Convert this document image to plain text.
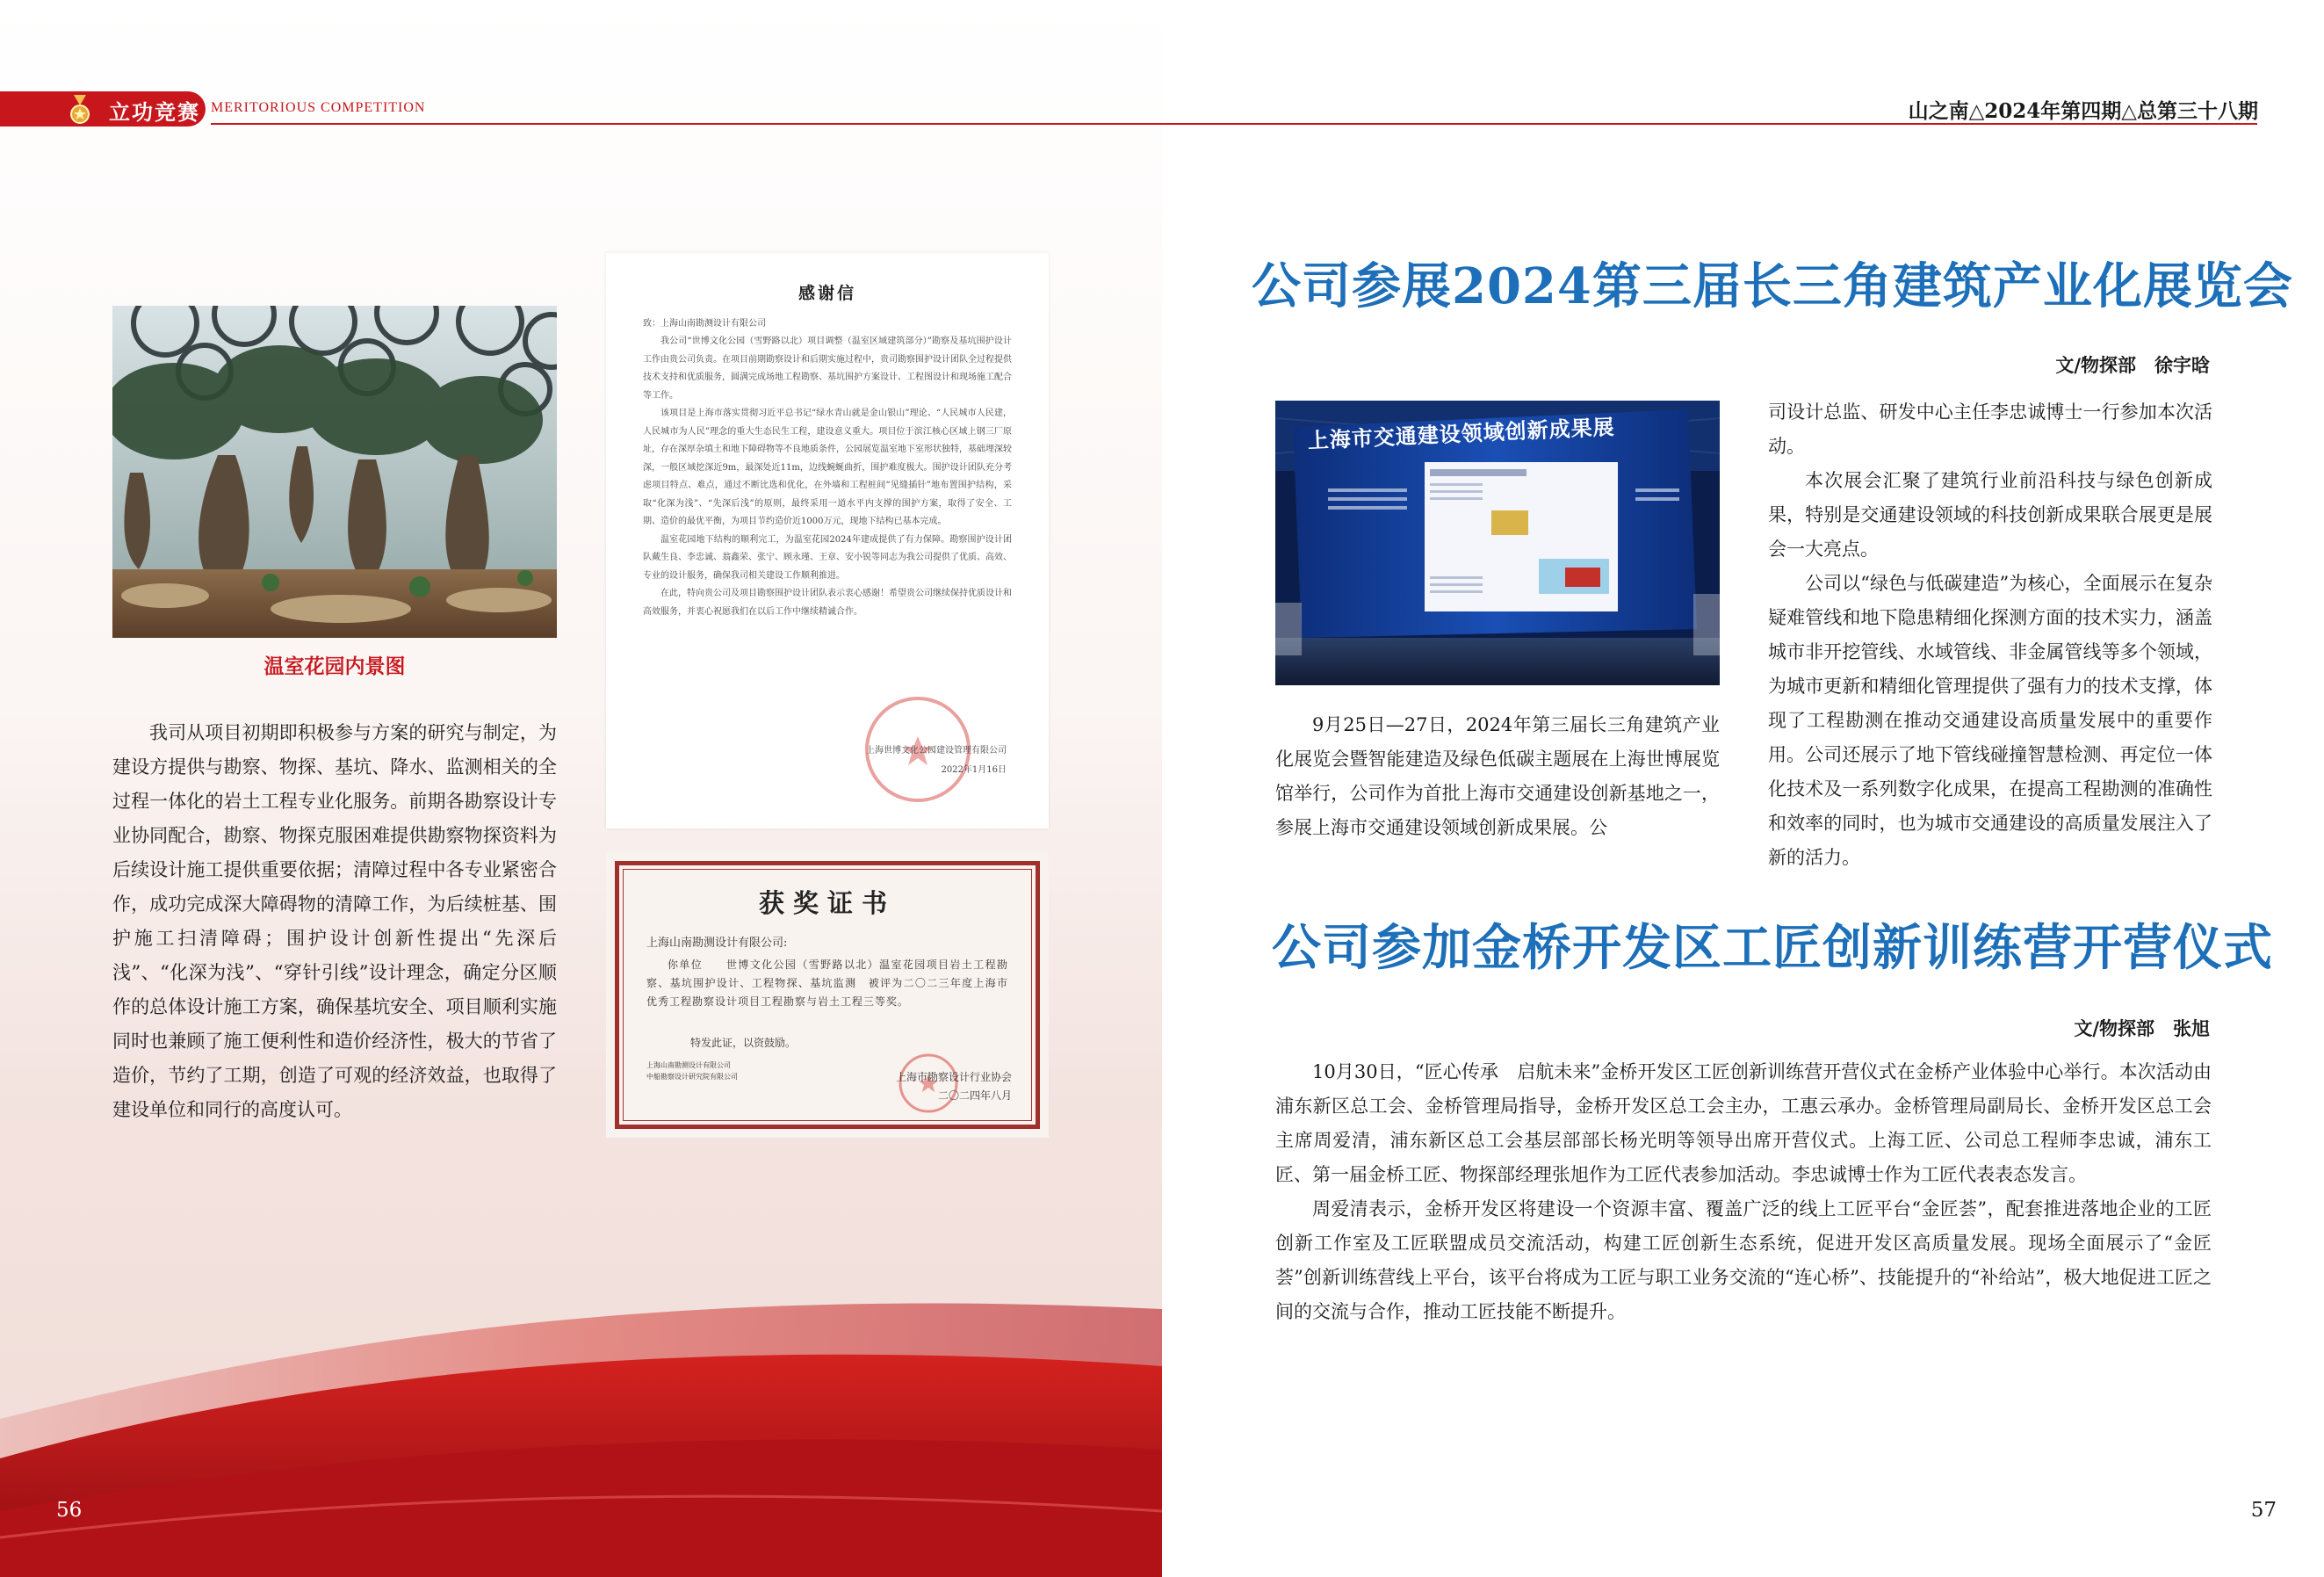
立功竞赛 MERITORIOUS COMPETITION	山之南△2024年第四期△总第三十八期
温室花园内景图
我司从项目初期即积极参与方案的研究与制定，为建设方提供与勘察、物探、基坑、降水、监测相关的全过程一体化的岩土工程专业化服务。前期各勘察设计专业协同配合，勘察、物探克服困难提供勘察物探资料为后续设计施工提供重要依据；清障过程中各专业紧密合作，成功完成深大障碍物的清障工作，为后续桩基、围护施工扫清障碍；围护设计创新性提出“先深后浅”、“化深为浅”、“穿针引线”设计理念，确定分区顺作的总体设计施工方案，确保基坑安全、项目顺利实施同时也兼顾了施工便利性和造价经济性，极大的节省了造价，节约了工期，创造了可观的经济效益，也取得了建设单位和同行的高度认可。
感谢信

致：上海山南勘测设计有限公司

我公司“世博文化公园（雪野路以北）项目调整（温室区域建筑部分）”勘察及基坑围护设计工作由贵公司负责。在项目前期勘察设计和后期实施过程中，贵司勘察围护设计团队全过程提供技术支持和优质服务，圆满完成场地工程勘察、基坑围护方案设计、工程图设计和现场施工配合等工作。

该项目是上海市落实贯彻习近平总书记“绿水青山就是金山银山”理论、“人民城市人民建，人民城市为人民”理念的重大生态民生工程，建设意义重大。项目位于滨江核心区域上钢三厂原址，存在深厚杂填土和地下障碍物等不良地质条件，公园展览温室地下室形状独特，基础埋深较深，一般区域挖深近9m，最深处近11m，边线蜿蜒曲折，围护难度极大。围护设计团队充分考虑项目特点、难点，通过不断比选和优化，在外墙和工程桩间“见缝插针”地布置围护结构，采取“化深为浅”、“先深后浅”的原则，最终采用一道水平内支撑的围护方案，取得了安全、工期、造价的最优平衡，为项目节约造价近1000万元，现地下结构已基本完成。

温室花园地下结构的顺利完工，为温室花园2024年建成提供了有力保障。勘察围护设计团队戴生良、李忠诚、翁鑫荣、张宁、顾永瑾、王章、安小锐等同志为我公司提供了优质、高效、专业的设计服务，确保我司相关建设工作顺利推进。

在此，特向贵公司及项目勘察围护设计团队表示衷心感谢！希望贵公司继续保持优质设计和高效服务，并衷心祝愿我们在以后工作中继续精诚合作。

上海世博文化公园建设管理有限公司
2022年1月16日
获奖证书
上海山南勘测设计有限公司:
你单位　　世博文化公园（雪野路以北）温室花园项目岩土工程勘察、基坑围护设计、工程物探、基坑监测　被评为二〇二三年度上海市优秀工程勘察设计项目工程勘察与岩土工程三等奖。
特发此证，以资鼓励。
上海山南勘测设计有限公司
中船勘察设计研究院有限公司	上海市勘察设计行业协会
二〇二四年八月
56
公司参展2024第三届长三角建筑产业化展览会
文/物探部　徐宇晗
上海市交通建设领域创新成果展
9月25日—27日，2024年第三届长三角建筑产业化展览会暨智能建造及绿色低碳主题展在上海世博展览馆举行，公司作为首批上海市交通建设创新基地之一，参展上海市交通建设领域创新成果展。公

司设计总监、研发中心主任李忠诚博士一行参加本次活动。

本次展会汇聚了建筑行业前沿科技与绿色创新成果，特别是交通建设领域的科技创新成果联合展更是展会一大亮点。

公司以“绿色与低碳建造”为核心，全面展示在复杂疑难管线和地下隐患精细化探测方面的技术实力，涵盖城市非开挖管线、水域管线、非金属管线等多个领域，为城市更新和精细化管理提供了强有力的技术支撑，体现了工程勘测在推动交通建设高质量发展中的重要作用。公司还展示了地下管线碰撞智慧检测、再定位一体化技术及一系列数字化成果，在提高工程勘测的准确性和效率的同时，也为城市交通建设的高质量发展注入了新的活力。

公司参加金桥开发区工匠创新训练营开营仪式
文/物探部　张旭

10月30日，“匠心传承　启航未来”金桥开发区工匠创新训练营开营仪式在金桥产业体验中心举行。本次活动由浦东新区总工会、金桥管理局指导，金桥开发区总工会主办，工惠云承办。金桥管理局副局长、金桥开发区总工会主席周爱清，浦东新区总工会基层部部长杨光明等领导出席开营仪式。上海工匠、公司总工程师李忠诚，浦东工匠、第一届金桥工匠、物探部经理张旭作为工匠代表参加活动。李忠诚博士作为工匠代表表态发言。

周爱清表示，金桥开发区将建设一个资源丰富、覆盖广泛的线上工匠平台“金匠荟”，配套推进落地企业的工匠创新工作室及工匠联盟成员交流活动，构建工匠创新生态系统，促进开发区高质量发展。现场全面展示了“金匠荟”创新训练营线上平台，该平台将成为工匠与职工业务交流的“连心桥”、技能提升的“补给站”，极大地促进工匠之间的交流与合作，推动工匠技能不断提升。

57
